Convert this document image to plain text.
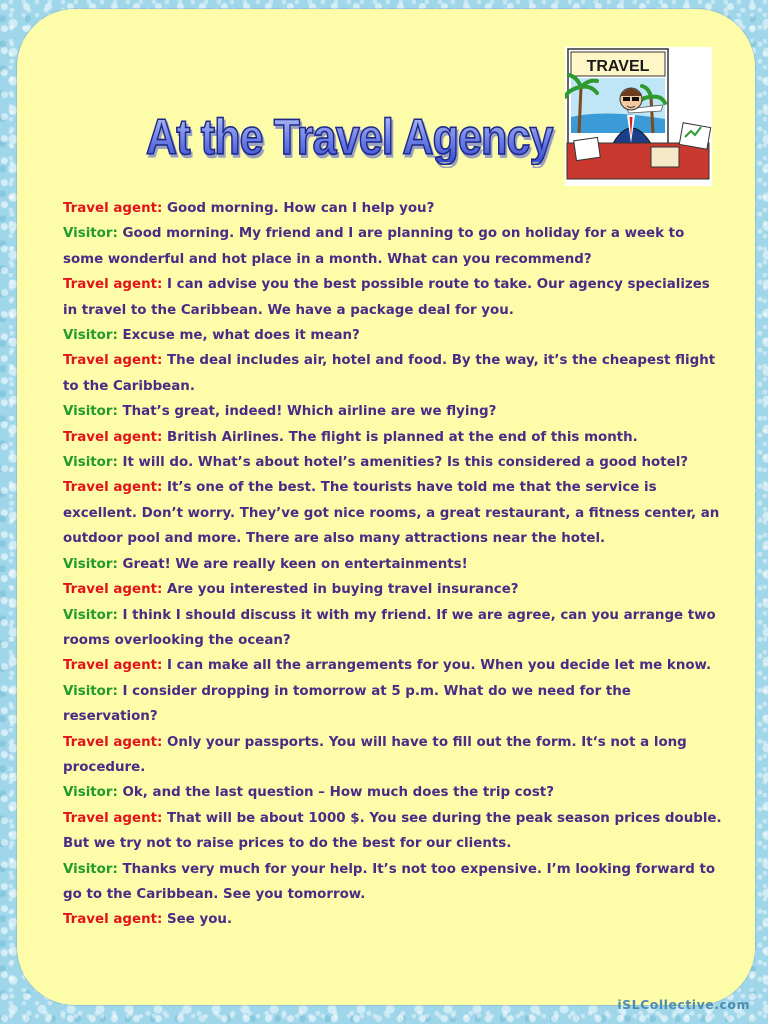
At the Travel Agency
TRAVEL

Travel agent: Good morning. How can I help you?

Visitor: Good morning. My friend and I are planning to go on holiday for a week to some wonderful and hot place in a month. What can you recommend?

Travel agent: I can advise you the best possible route to take. Our agency specializes in travel to the Caribbean. We have a package deal for you.

Visitor: Excuse me, what does it mean?

Travel agent: The deal includes air, hotel and food. By the way, it’s the cheapest flight to the Caribbean.

Visitor: That’s great, indeed! Which airline are we flying?

Travel agent: British Airlines. The flight is planned at the end of this month.

Visitor: It will do. What’s about hotel’s amenities? Is this considered a good hotel?

Travel agent: It’s one of the best. The tourists have told me that the service is excellent. Don’t worry. They’ve got nice rooms, a great restaurant, a fitness center, an outdoor pool and more. There are also many attractions near the hotel.

Visitor: Great! We are really keen on entertainments!

Travel agent: Are you interested in buying travel insurance?

Visitor: I think I should discuss it with my friend. If we are agree, can you arrange two rooms overlooking the ocean?

Travel agent: I can make all the arrangements for you. When you decide let me know.

Visitor: I consider dropping in tomorrow at 5 p.m. What do we need for the reservation?

Travel agent: Only your passports. You will have to fill out the form. It‘s not a long procedure.

Visitor: Ok, and the last question – How much does the trip cost?

Travel agent: That will be about 1000 $. You see during the peak season prices double. But we try not to raise prices to do the best for our clients.

Visitor: Thanks very much for your help. It’s not too expensive. I’m looking forward to go to the Caribbean. See you tomorrow.

Travel agent: See you.

iSLCollective.com
